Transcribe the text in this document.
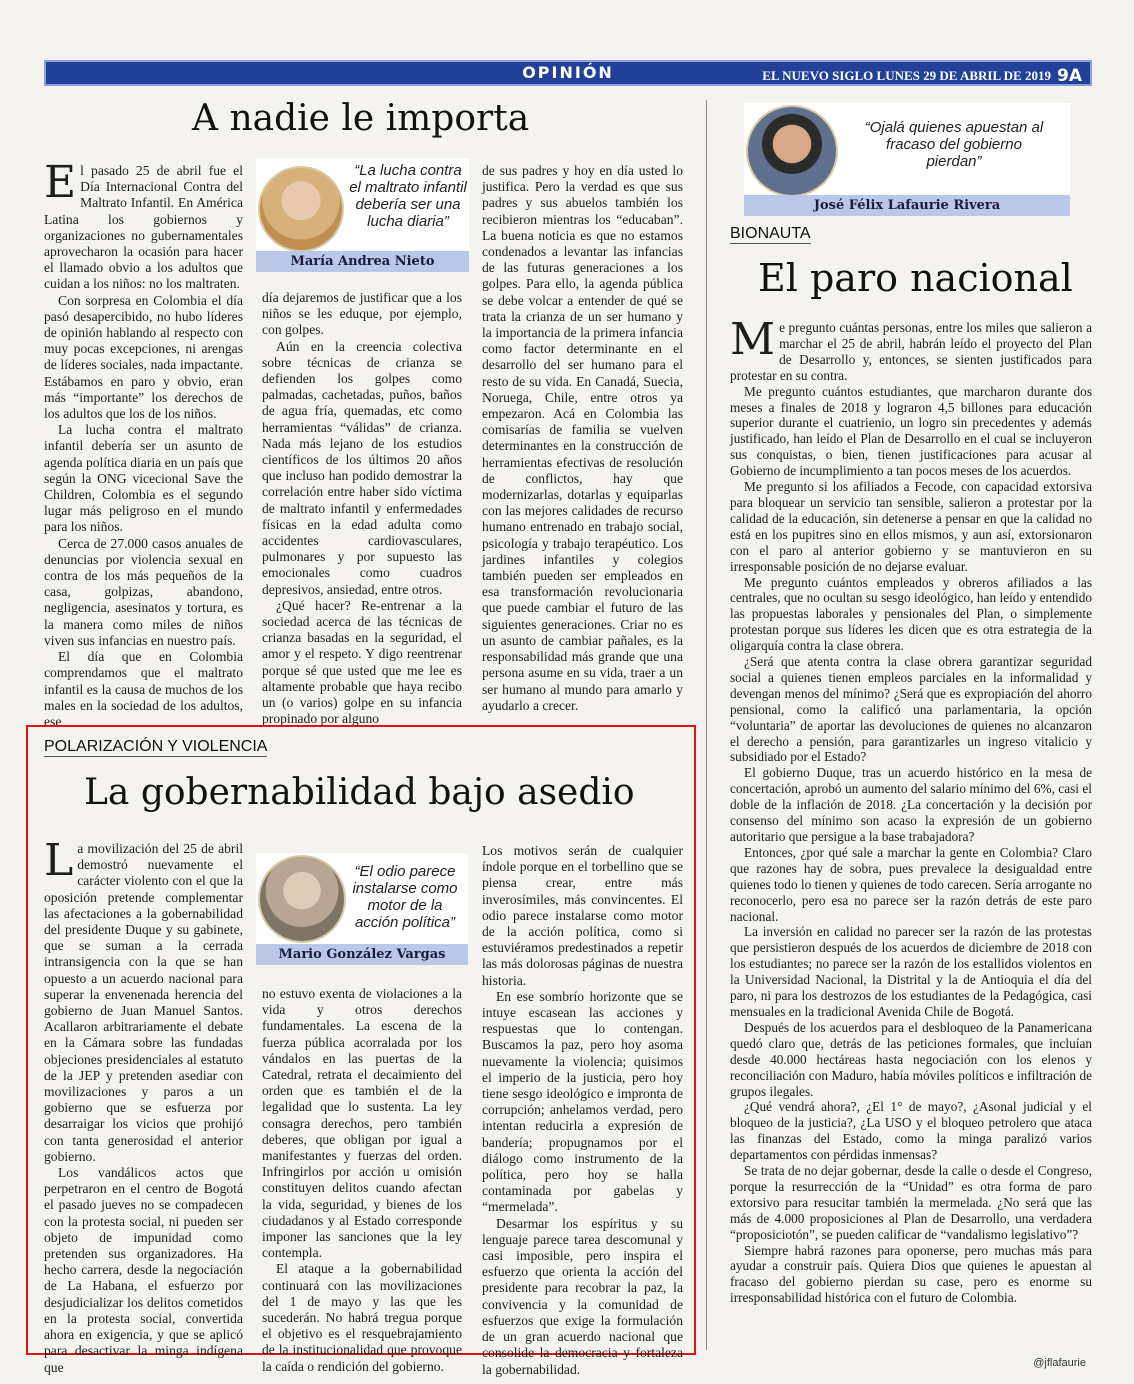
OPINIÓN	EL NUEVO SIGLO LUNES 29 DE ABRIL DE 2019 9A
A nadie le importa

El pasado 25 de abril fue el Día Internacional Contra del Maltrato Infantil. En América Latina los gobiernos y organizaciones no gubernamentales aprovecharon la ocasión para hacer el llamado obvio a los adultos que cuidan a los niños: no los maltraten.

Con sorpresa en Colombia el día pasó desapercibido, no hubo líderes de opinión hablando al respecto con muy pocas excepciones, ni arengas de líderes sociales, nada impactante. Estábamos en paro y obvio, eran más “importante” los derechos de los adultos que los de los niños.

La lucha contra el maltrato infantil debería ser un asunto de agenda política diaria en un país que según la ONG vicecional Save the Children, Colombia es el segundo lugar más peligroso en el mundo para los niños.

Cerca de 27.000 casos anuales de denuncias por violencia sexual en contra de los más pequeños de la casa, golpizas, abandono, negligencia, asesinatos y tortura, es la manera como miles de niños viven sus infancias en nuestro país.

El día que en Colombia comprendamos que el maltrato infantil es la causa de muchos de los males en la sociedad de los adultos, ese

“La lucha contra el maltrato infantil debería ser una lucha diaria”
María Andrea Nieto

día dejaremos de justificar que a los niños se les eduque, por ejemplo, con golpes.

Aún en la creencia colectiva sobre técnicas de crianza se defienden los golpes como palmadas, cachetadas, puños, baños de agua fría, quemadas, etc como herramientas “válidas” de crianza. Nada más lejano de los estudios científicos de los últimos 20 años que incluso han podido demostrar la correlación entre haber sido víctima de maltrato infantil y enfermedades físicas en la edad adulta como accidentes cardiovasculares, pulmonares y por supuesto las emocionales como cuadros depresivos, ansiedad, entre otros.

¿Qué hacer? Re-entrenar a la sociedad acerca de las técnicas de crianza basadas en la seguridad, el amor y el respeto. Y digo reentrenar porque sé que usted que me lee es altamente probable que haya recibo un (o varios) golpe en su infancia propinado por alguno

de sus padres y hoy en día usted lo justifica. Pero la verdad es que sus padres y sus abuelos también los recibieron mientras los “educaban”. La buena noticia es que no estamos condenados a levantar las infancias de las futuras generaciones a los golpes. Para ello, la agenda pública se debe volcar a entender de qué se trata la crianza de un ser humano y la importancia de la primera infancia como factor determinante en el desarrollo del ser humano para el resto de su vida. En Canadá, Suecia, Noruega, Chile, entre otros ya empezaron. Acá en Colombia las comisarías de familia se vuelven determinantes en la construcción de herramientas efectivas de resolución de conflictos, hay que modernizarlas, dotarlas y equiparlas con las mejores calidades de recurso humano entrenado en trabajo social, psicología y trabajo terapéutico. Los jardines infantiles y colegios también pueden ser empleados en esa transformación revolucionaria que puede cambiar el futuro de las siguientes generaciones. Criar no es un asunto de cambiar pañales, es la responsabilidad más grande que una persona asume en su vida, traer a un ser humano al mundo para amarlo y ayudarlo a crecer.

POLARIZACIÓN Y VIOLENCIA
La gobernabilidad bajo asedio

La movilización del 25 de abril demostró nuevamente el carácter violento con el que la oposición pretende complementar las afectaciones a la gobernabilidad del presidente Duque y su gabinete, que se suman a la cerrada intransigencia con la que se han opuesto a un acuerdo nacional para superar la envenenada herencia del gobierno de Juan Manuel Santos. Acallaron arbitrariamente el debate en la Cámara sobre las fundadas objeciones presidenciales al estatuto de la JEP y pretenden asediar con movilizaciones y paros a un gobierno que se esfuerza por desarraigar los vicios que prohijó con tanta generosidad el anterior gobierno.

Los vandálicos actos que perpetraron en el centro de Bogotá el pasado jueves no se compadecen con la protesta social, ni pueden ser objeto de impunidad como pretenden sus organizadores. Ha hecho carrera, desde la negociación de La Habana, el esfuerzo por desjudicializar los delitos cometidos en la protesta social, convertida ahora en exigencia, y que se aplicó para desactivar la minga indígena que

“El odio parece instalarse como motor de la acción política”
Mario González Vargas

no estuvo exenta de violaciones a la vida y otros derechos fundamentales. La escena de la fuerza pública acorralada por los vándalos en las puertas de la Catedral, retrata el decaimiento del orden que es también el de la legalidad que lo sustenta. La ley consagra derechos, pero también deberes, que obligan por igual a manifestantes y fuerzas del orden. Infringirlos por acción u omisión constituyen delitos cuando afectan la vida, seguridad, y bienes de los ciudadanos y al Estado corresponde imponer las sanciones que la ley contempla.

El ataque a la gobernabilidad continuará con las movilizaciones del 1 de mayo y las que les sucederán. No habrá tregua porque el objetivo es el resquebrajamiento de la institucionalidad que provoque la caída o rendición del gobierno.

Los motivos serán de cualquier índole porque en el torbellino que se piensa crear, entre más inverosímiles, más convincentes. El odio parece instalarse como motor de la acción política, como si estuviéramos predestinados a repetir las más dolorosas páginas de nuestra historia.

En ese sombrío horizonte que se intuye escasean las acciones y respuestas que lo contengan. Buscamos la paz, pero hoy asoma nuevamente la violencia; quisimos el imperio de la justicia, pero hoy tiene sesgo ideológico e impronta de corrupción; anhelamos verdad, pero intentan reducirla a expresión de bandería; propugnamos por el diálogo como instrumento de la política, pero hoy se halla contaminada por gabelas y “mermelada”.

Desarmar los espíritus y su lenguaje parece tarea descomunal y casi imposible, pero inspira el esfuerzo que orienta la acción del presidente para recobrar la paz, la convivencia y la comunidad de esfuerzos que exige la formulación de un gran acuerdo nacional que consolide la democracia y fortaleza la gobernabilidad.

“Ojalá quienes apuestan al fracaso del gobierno pierdan”
José Félix Lafaurie Rivera
BIONAUTA
El paro nacional

Me pregunto cuántas personas, entre los miles que salieron a marchar el 25 de abril, habrán leído el proyecto del Plan de Desarrollo y, entonces, se sienten justificados para protestar en su contra.

Me pregunto cuántos estudiantes, que marcharon durante dos meses a finales de 2018 y lograron 4,5 billones para educación superior durante el cuatrienio, un logro sin precedentes y además justificado, han leído el Plan de Desarrollo en el cual se incluyeron sus conquistas, o bien, tienen justificaciones para acusar al Gobierno de incumplimiento a tan pocos meses de los acuerdos.

Me pregunto si los afiliados a Fecode, con capacidad extorsiva para bloquear un servicio tan sensible, salieron a protestar por la calidad de la educación, sin detenerse a pensar en que la calidad no está en los pupitres sino en ellos mismos, y aun así, extorsionaron con el paro al anterior gobierno y se mantuvieron en su irresponsable posición de no dejarse evaluar.

Me pregunto cuántos empleados y obreros afiliados a las centrales, que no ocultan su sesgo ideológico, han leído y entendido las propuestas laborales y pensionales del Plan, o simplemente protestan porque sus líderes les dicen que es otra estrategia de la oligarquía contra la clase obrera.

¿Será que atenta contra la clase obrera garantizar seguridad social a quienes tienen empleos parciales en la informalidad y devengan menos del mínimo? ¿Será que es expropiación del ahorro pensional, como la calificó una parlamentaria, la opción “voluntaria” de aportar las devoluciones de quienes no alcanzaron el derecho a pensión, para garantizarles un ingreso vitalicio y subsidiado por el Estado?

El gobierno Duque, tras un acuerdo histórico en la mesa de concertación, aprobó un aumento del salario mínimo del 6%, casi el doble de la inflación de 2018. ¿La concertación y la decisión por consenso del mínimo son acaso la expresión de un gobierno autoritario que persigue a la base trabajadora?

Entonces, ¿por qué sale a marchar la gente en Colombia? Claro que razones hay de sobra, pues prevalece la desigualdad entre quienes todo lo tienen y quienes de todo carecen. Sería arrogante no reconocerlo, pero esa no parece ser la razón detrás de este paro nacional.

La inversión en calidad no parecer ser la razón de las protestas que persistieron después de los acuerdos de diciembre de 2018 con los estudiantes; no parece ser la razón de los estallidos violentos en la Universidad Nacional, la Distrital y la de Antioquia el día del paro, ni para los destrozos de los estudiantes de la Pedagógica, casi mensuales en la tradicional Avenida Chile de Bogotá.

Después de los acuerdos para el desbloqueo de la Panamericana quedó claro que, detrás de las peticiones formales, que incluían desde 40.000 hectáreas hasta negociación con los elenos y reconciliación con Maduro, había móviles políticos e infiltración de grupos ilegales.

¿Qué vendrá ahora?, ¿El 1° de mayo?, ¿Asonal judicial y el bloqueo de la justicia?, ¿La USO y el bloqueo petrolero que ataca las finanzas del Estado, como la minga paralizó varios departamentos con pérdidas inmensas?

Se trata de no dejar gobernar, desde la calle o desde el Congreso, porque la resurrección de la “Unidad” es otra forma de paro extorsivo para resucitar también la mermelada. ¿No será que las más de 4.000 proposiciones al Plan de Desarrollo, una verdadera “proposiciotón”, se pueden calificar de “vandalismo legislativo”?

Siempre habrá razones para oponerse, pero muchas más para ayudar a construir país. Quiera Dios que quienes le apuestan al fracaso del gobierno pierdan su case, pero es enorme su irresponsabilidad histórica con el futuro de Colombia.

@jflafaurie
